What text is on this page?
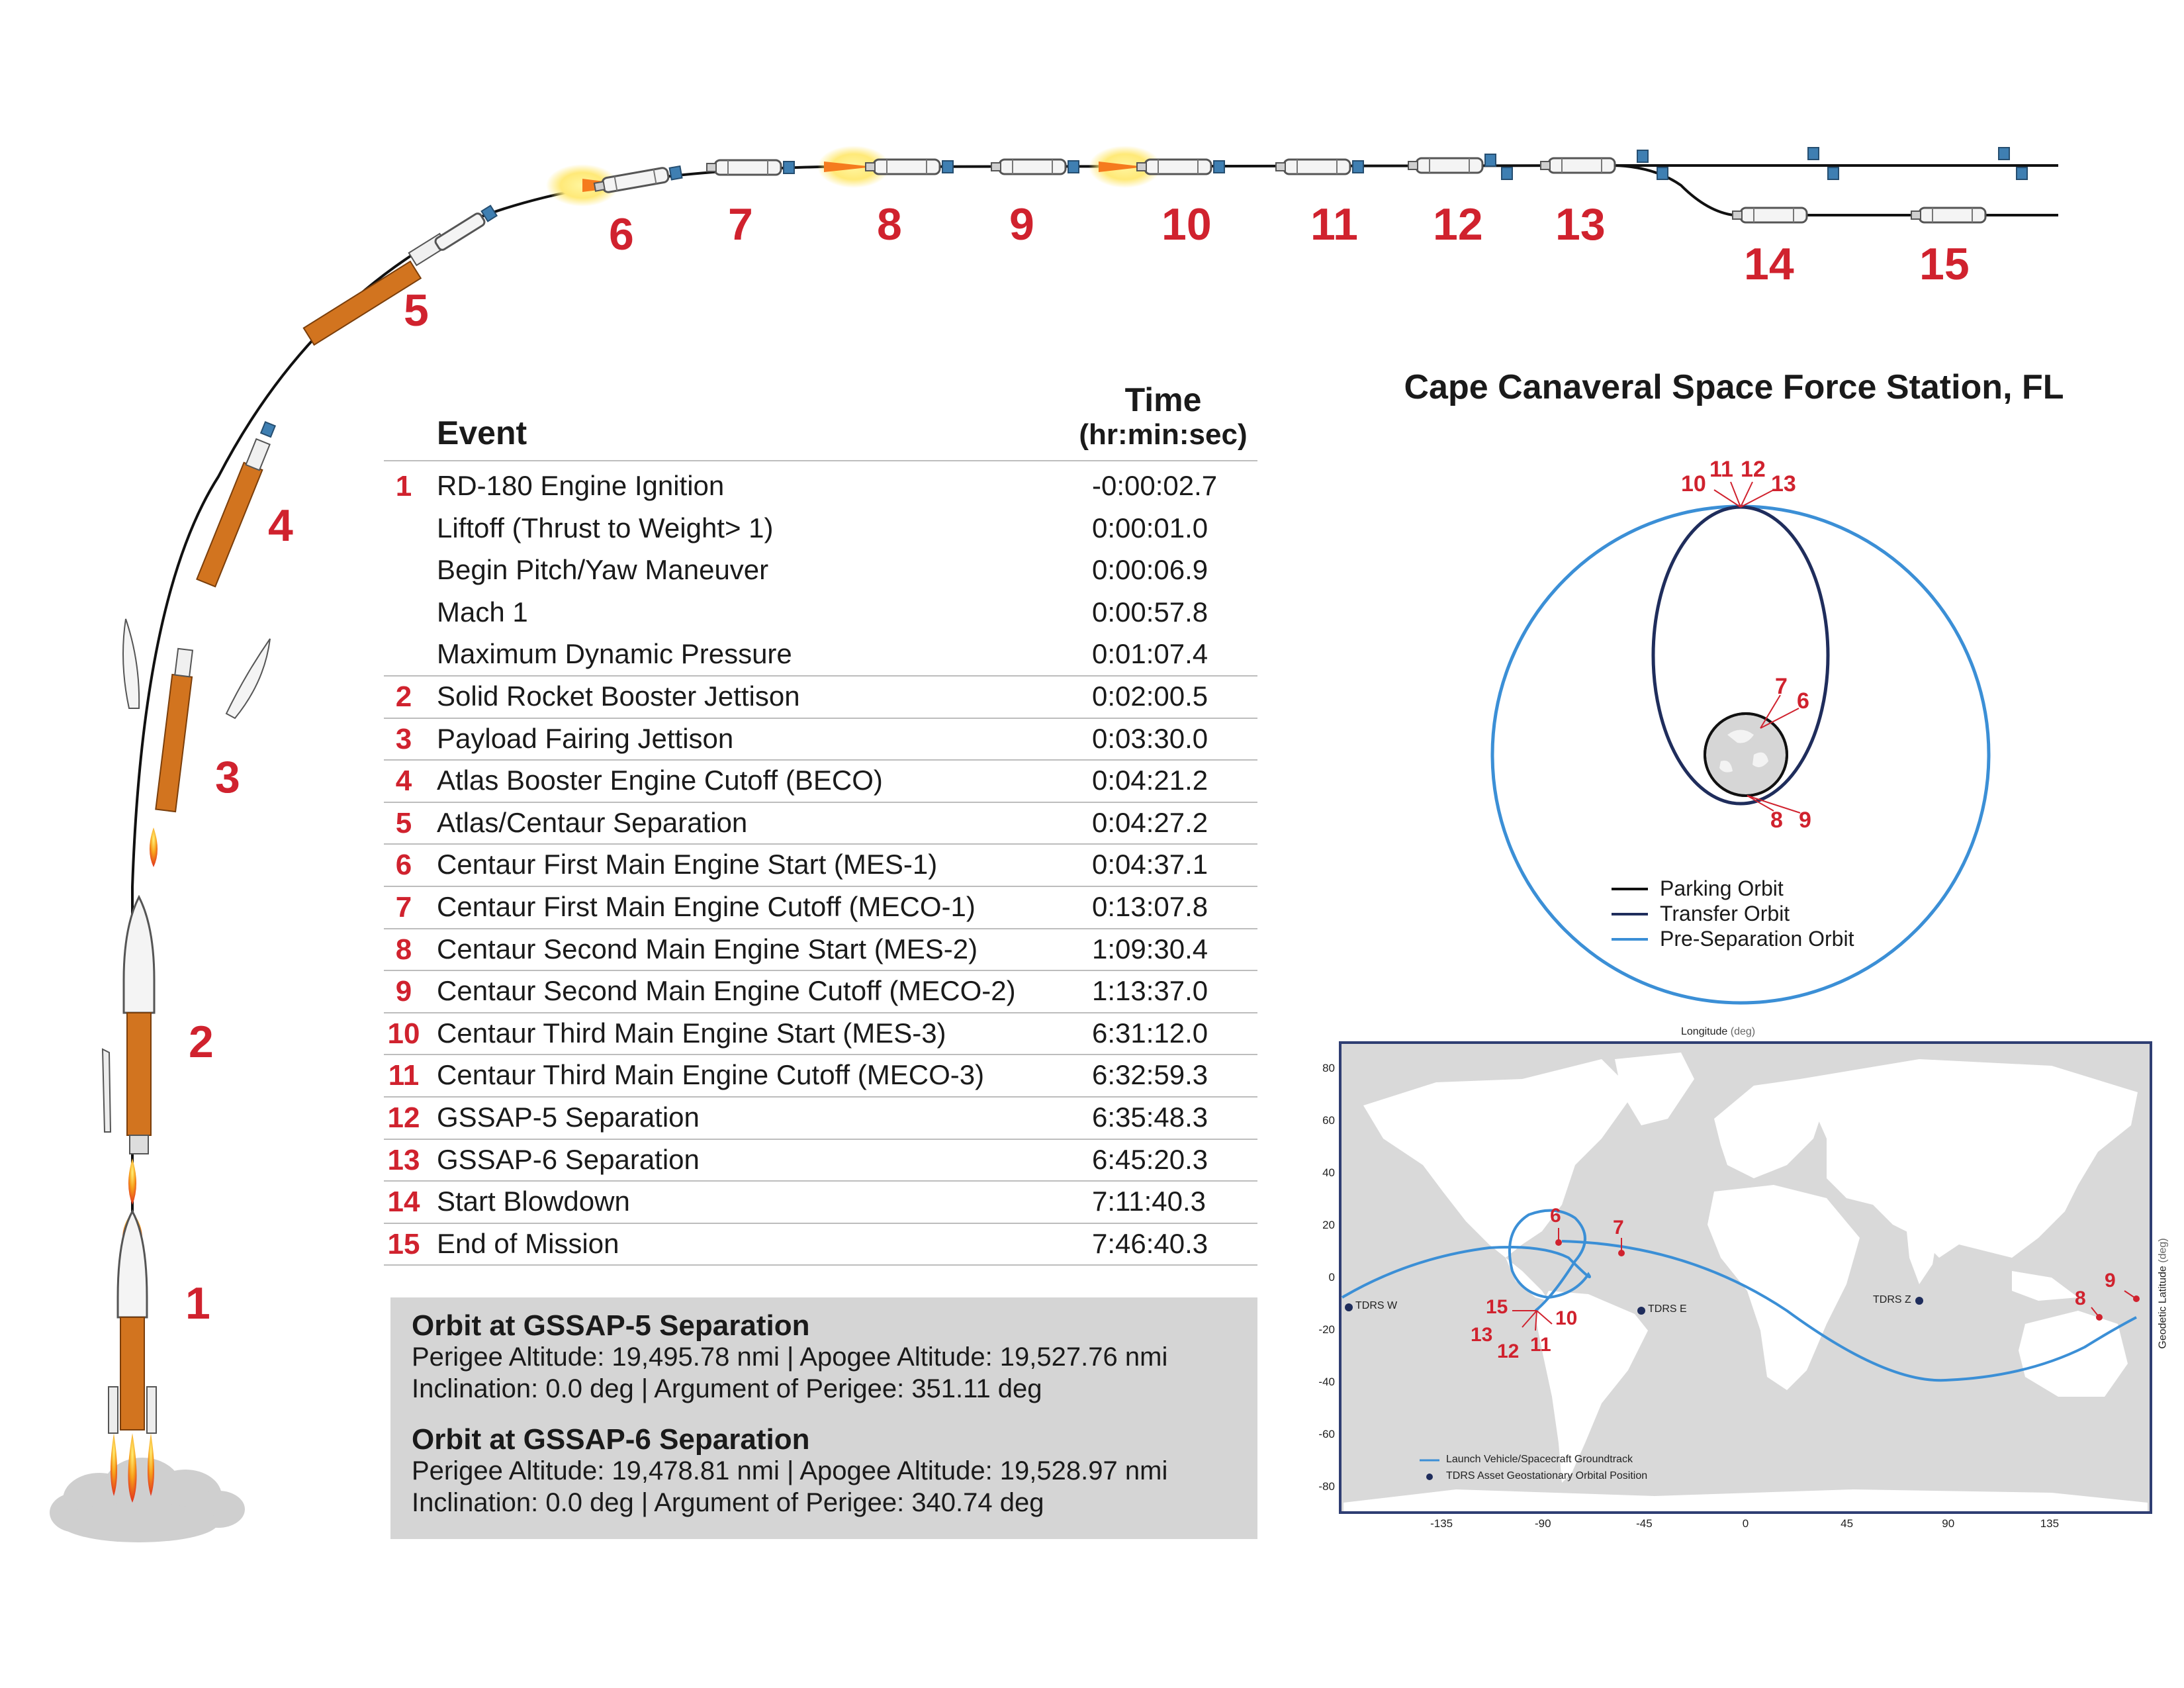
1
2
3
4
5
6 7	8 9	10 11 12 13
14	15
Event
Time
(hr:min:sec)
1 RD-180 Engine Ignition	-0:00:02.7
Liftoff (Thrust to Weight> 1)	0:00:01.0
Begin Pitch/Yaw Maneuver	0:00:06.9
Mach 1	0:00:57.8
Maximum Dynamic Pressure	0:01:07.4
2 Solid Rocket Booster Jettison	0:02:00.5
3 Payload Fairing Jettison	0:03:30.0
4 Atlas Booster Engine Cutoff (BECO)	0:04:21.2
5 Atlas/Centaur Separation	0:04:27.2
6 Centaur First Main Engine Start (MES-1)	0:04:37.1
7 Centaur First Main Engine Cutoff (MECO-1)	0:13:07.8
8 Centaur Second Main Engine Start (MES-2)	1:09:30.4
9 Centaur Second Main Engine Cutoff (MECO-2)	1:13:37.0
10 Centaur Third Main Engine Start (MES-3)	6:31:12.0
11 Centaur Third Main Engine Cutoff (MECO-3)	6:32:59.3
12 GSSAP-5 Separation	6:35:48.3
13 GSSAP-6 Separation	6:45:20.3
14 Start Blowdown	7:11:40.3
15 End of Mission	7:46:40.3
Orbit at GSSAP-5 Separation
Perigee Altitude: 19,495.78 nmi | Apogee Altitude: 19,527.76 nmi
Inclination: 0.0 deg | Argument of Perigee: 351.11 deg
Orbit at GSSAP-6 Separation
Perigee Altitude: 19,478.81 nmi | Apogee Altitude: 19,528.97 nmi
Inclination: 0.0 deg | Argument of Perigee: 340.74 deg
Cape Canaveral Space Force Station, FL
10
11 12
13
7
6
8 9
Parking Orbit
Transfer Orbit
Pre-Separation Orbit
Longitude (deg)
Geodetic Latitude (deg)
-135	-90	-45	0	45	90	135
80
60
40
20
0
-20
-40
-60
-80
TDRS W	TDRS E
TDRS Z
Launch Vehicle/Spacecraft Groundtrack
TDRS Asset Geostationary Orbital Position
6
7
15
10
13
12 11
8
9
